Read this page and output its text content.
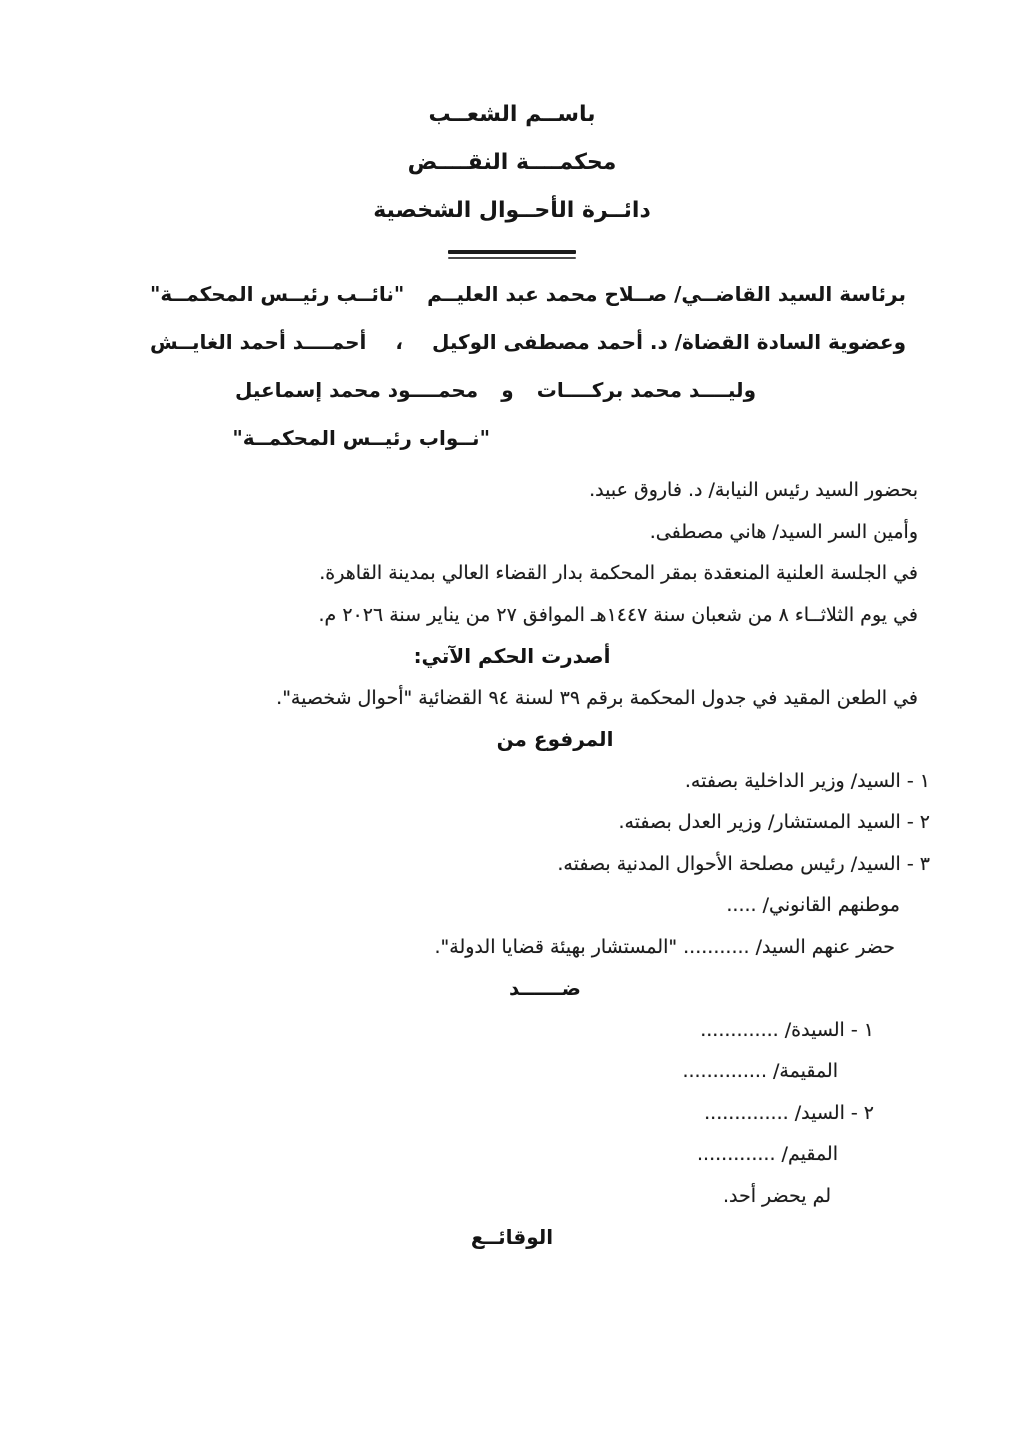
باســم الشعــب
محكمــــة النقــــض
دائــرة الأحــوال الشخصية
برئاسة السيد القاضــي/ صــلاح محمد عبد العليــم
"نائــب رئيــس المحكمــة"
وعضوية السادة القضاة/ د. أحمد مصطفى الوكيل
،
أحمــــد أحمد الغايــش
وليــــد محمد بركــــات
و
محمــــود محمد إسماعيل
"نــواب رئيــس المحكمــة"
بحضور السيد رئيس النيابة/ د. فاروق عبيد.
وأمين السر السيد/ هاني مصطفى.
في الجلسة العلنية المنعقدة بمقر المحكمة بدار القضاء العالي بمدينة القاهرة.
في يوم الثلاثــاء ٨ من شعبان سنة ١٤٤٧هـ الموافق ٢٧ من يناير سنة ٢٠٢٦ م.
أصدرت الحكم الآتي:
في الطعن المقيد في جدول المحكمة برقم ٣٩ لسنة ٩٤ القضائية "أحوال شخصية".
المرفوع من
١ - السيد/ وزير الداخلية بصفته.
٢ - السيد المستشار/ وزير العدل بصفته.
٣ - السيد/ رئيس مصلحة الأحوال المدنية بصفته.
موطنهم القانوني/ .....
حضر عنهم السيد/ ........... "المستشار بهيئة قضايا الدولة".
ضــــــد
١ - السيدة/ .............
المقيمة/ ..............
٢ - السيد/ ..............
المقيم/ .............
لم يحضر أحد.
الوقائــع
